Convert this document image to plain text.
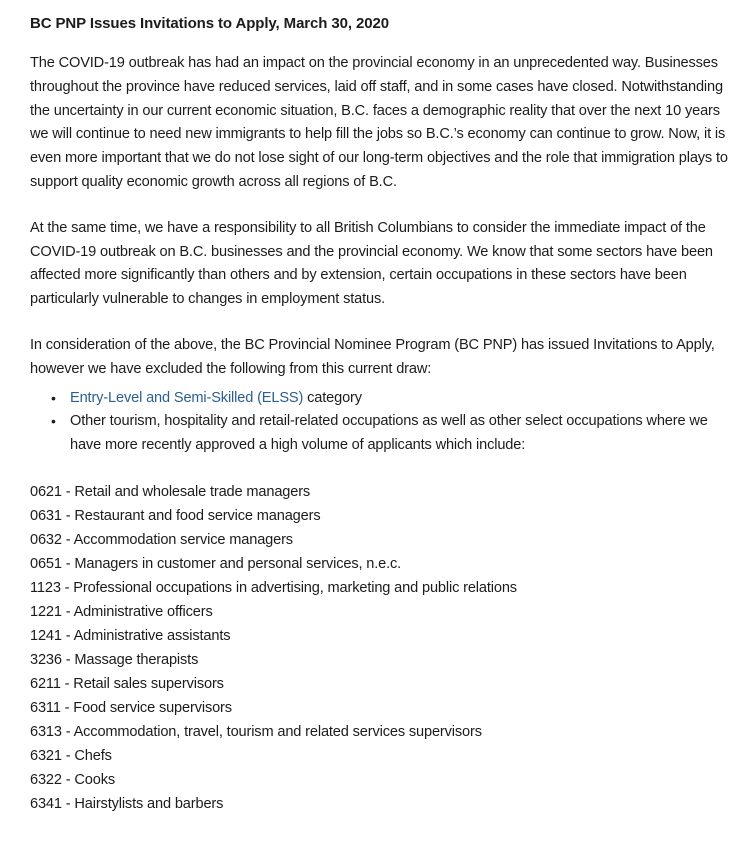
BC PNP Issues Invitations to Apply, March 30, 2020

The COVID-19 outbreak has had an impact on the provincial economy in an unprecedented way. Businesses throughout the province have reduced services, laid off staff, and in some cases have closed. Notwithstanding the uncertainty in our current economic situation, B.C. faces a demographic reality that over the next 10 years we will continue to need new immigrants to help fill the jobs so B.C.’s economy can continue to grow. Now, it is even more important that we do not lose sight of our long-term objectives and the role that immigration plays to support quality economic growth across all regions of B.C.

At the same time, we have a responsibility to all British Columbians to consider the immediate impact of the COVID-19 outbreak on B.C. businesses and the provincial economy. We know that some sectors have been affected more significantly than others and by extension, certain occupations in these sectors have been particularly vulnerable to changes in employment status.

In consideration of the above, the BC Provincial Nominee Program (BC PNP) has issued Invitations to Apply, however we have excluded the following from this current draw:

• Entry-Level and Semi-Skilled (ELSS) category
• Other tourism, hospitality and retail-related occupations as well as other select occupations where we have more recently approved a high volume of applicants which include:
0621 - Retail and wholesale trade managers
0631 - Restaurant and food service managers
0632 - Accommodation service managers
0651 - Managers in customer and personal services, n.e.c.
1123 - Professional occupations in advertising, marketing and public relations
1221 - Administrative officers
1241 - Administrative assistants
3236 - Massage therapists
6211 - Retail sales supervisors
6311 - Food service supervisors
6313 - Accommodation, travel, tourism and related services supervisors
6321 - Chefs
6322 - Cooks
6341 - Hairstylists and barbers
